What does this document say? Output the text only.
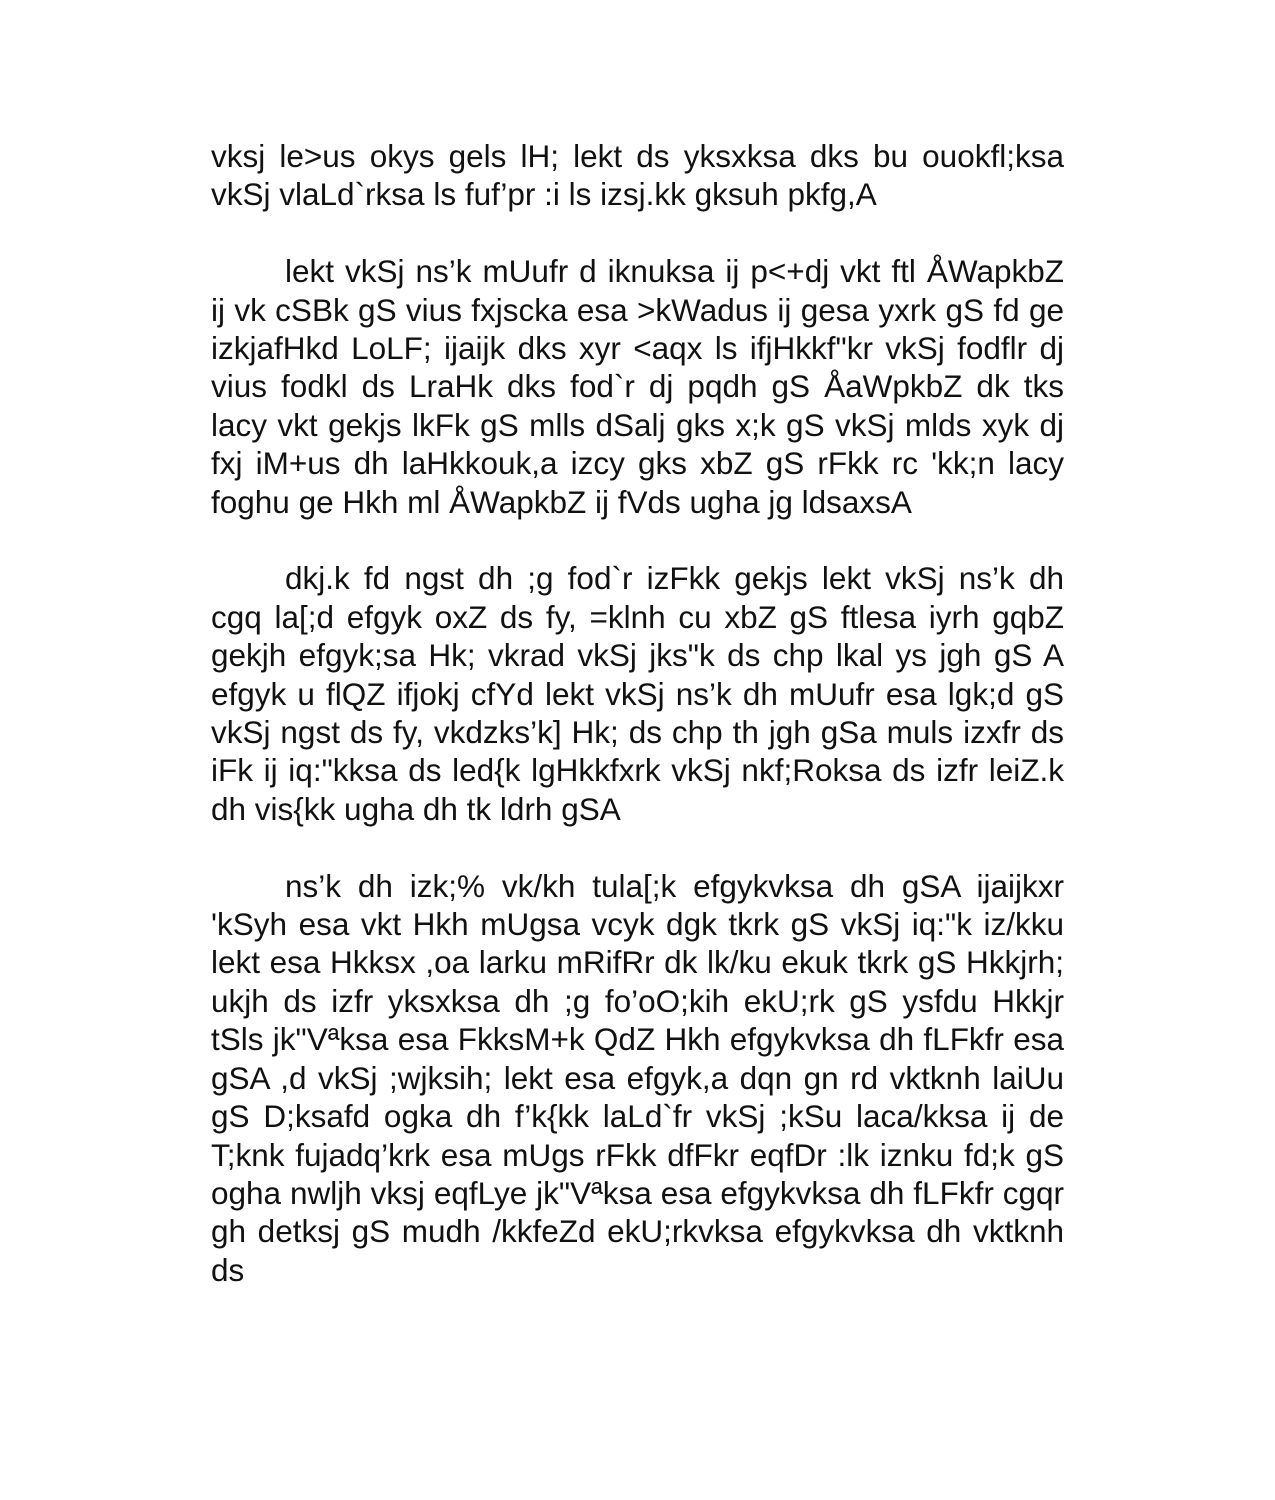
vksj le>us okys gels lH; lekt ds yksxksa dks bu ouokfl;ksa vkSj vlaLd`rksa ls fuf’pr :i ls izsj.kk gksuh pkfg,A

lekt vkSj ns’k mUufr d iknuksa ij p<+dj vkt ftl ÅWapkbZ ij vk cSBk gS vius fxjscka esa >kWadus ij gesa yxrk gS fd ge izkjafHkd LoLF; ijaijk dks xyr <aqx ls ifjHkkf"kr vkSj fodflr dj vius fodkl ds LraHk dks fod`r dj pqdh gS ÅaWpkbZ dk tks lacy vkt gekjs lkFk gS mlls dSalj gks x;k gS vkSj mlds xyk dj fxj iM+us dh laHkkouk,a izcy gks xbZ gS rFkk rc 'kk;n lacy foghu ge Hkh ml ÅWapkbZ ij fVds ugha jg ldsaxsA

dkj.k fd ngst dh ;g fod`r izFkk gekjs lekt vkSj ns’k dh cgq la[;d efgyk oxZ ds fy, =klnh cu xbZ gS ftlesa iyrh gqbZ gekjh efgyk;sa Hk; vkrad vkSj jks"k ds chp lkal ys jgh gS A efgyk u flQZ ifjokj cfYd lekt vkSj ns’k dh mUufr esa lgk;d gS vkSj ngst ds fy, vkdzks’k] Hk; ds chp th jgh gSa muls izxfr ds iFk ij iq:"kksa ds led{k lgHkkfxrk vkSj nkf;Roksa ds izfr leiZ.k dh vis{kk ugha dh tk ldrh gSA

ns’k dh izk;% vk/kh tula[;k efgykvksa dh gSA ijaijkxr 'kSyh esa vkt Hkh mUgsa vcyk dgk tkrk gS vkSj iq:"k iz/kku lekt esa Hkksx ,oa larku mRifRr dk lk/ku ekuk tkrk gS Hkkjrh; ukjh ds izfr yksxksa dh ;g fo’oO;kih ekU;rk gS ysfdu Hkkjr tSls jk"Vªksa esa FkksM+k QdZ Hkh efgykvksa dh fLFkfr esa gSA ,d vkSj ;wjksih; lekt esa efgyk,a dqn gn rd vktknh laiUu gS D;ksafd ogka dh f’k{kk laLd`fr vkSj ;kSu laca/kksa ij de T;knk fujadq’krk esa mUgs rFkk dfFkr eqfDr :lk iznku fd;k gS ogha nwljh vksj eqfLye jk"Vªksa esa efgykvksa dh fLFkfr cgqr gh detksj gS mudh /kkfeZd ekU;rkvksa efgykvksa dh vktknh ds
